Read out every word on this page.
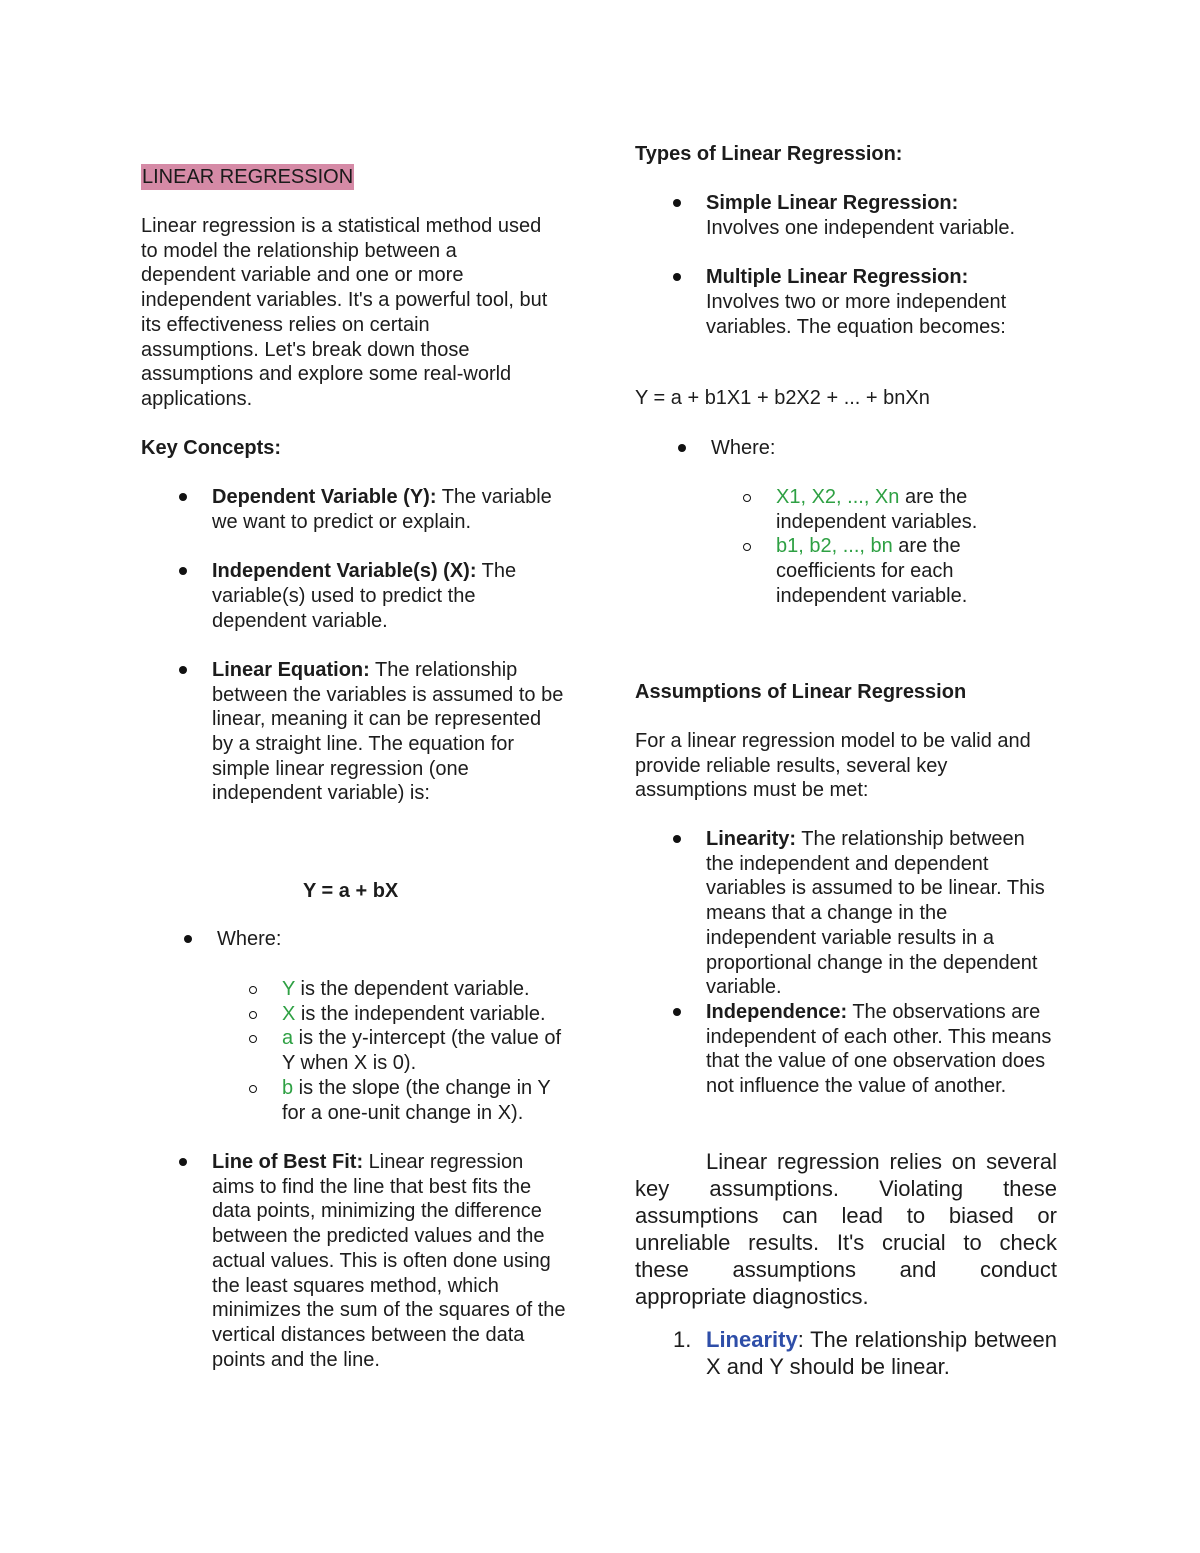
LINEAR REGRESSION

Linear regression is a statistical method used to model the relationship between a dependent variable and one or more independent variables. It's a powerful tool, but its effectiveness relies on certain assumptions. Let's break down those assumptions and explore some real-world applications.

Key Concepts:
Dependent Variable (Y): The variable we want to predict or explain.
Independent Variable(s) (X): The variable(s) used to predict the dependent variable.
Linear Equation: The relationship between the variables is assumed to be linear, meaning it can be represented by a straight line. The equation for simple linear regression (one independent variable) is:
Y = a + bX
Where:
Y is the dependent variable.
X is the independent variable.
a is the y-intercept (the value of Y when X is 0).
b is the slope (the change in Y for a one-unit change in X).
Line of Best Fit: Linear regression aims to find the line that best fits the data points, minimizing the difference between the predicted values and the actual values. This is often done using the least squares method, which minimizes the sum of the squares of the vertical distances between the data points and the line.
Types of Linear Regression:
Simple Linear Regression:
Involves one independent variable.
Multiple Linear Regression:
Involves two or more independent variables. The equation becomes:
Y = a + b1X1 + b2X2 + ... + bnXn
Where:
X1, X2, ..., Xn are the independent variables.
b1, b2, ..., bn are the coefficients for each independent variable.
Assumptions of Linear Regression

For a linear regression model to be valid and provide reliable results, several key assumptions must be met:

Linearity: The relationship between the independent and dependent variables is assumed to be linear. This means that a change in the independent variable results in a proportional change in the dependent variable.
Independence: The observations are independent of each other. This means that the value of one observation does not influence the value of another.

Linear regression relies on several key assumptions. Violating these assumptions can lead to biased or unreliable results. It's crucial to check these assumptions and conduct appropriate diagnostics.

1. Linearity: The relationship between X and Y should be linear.
